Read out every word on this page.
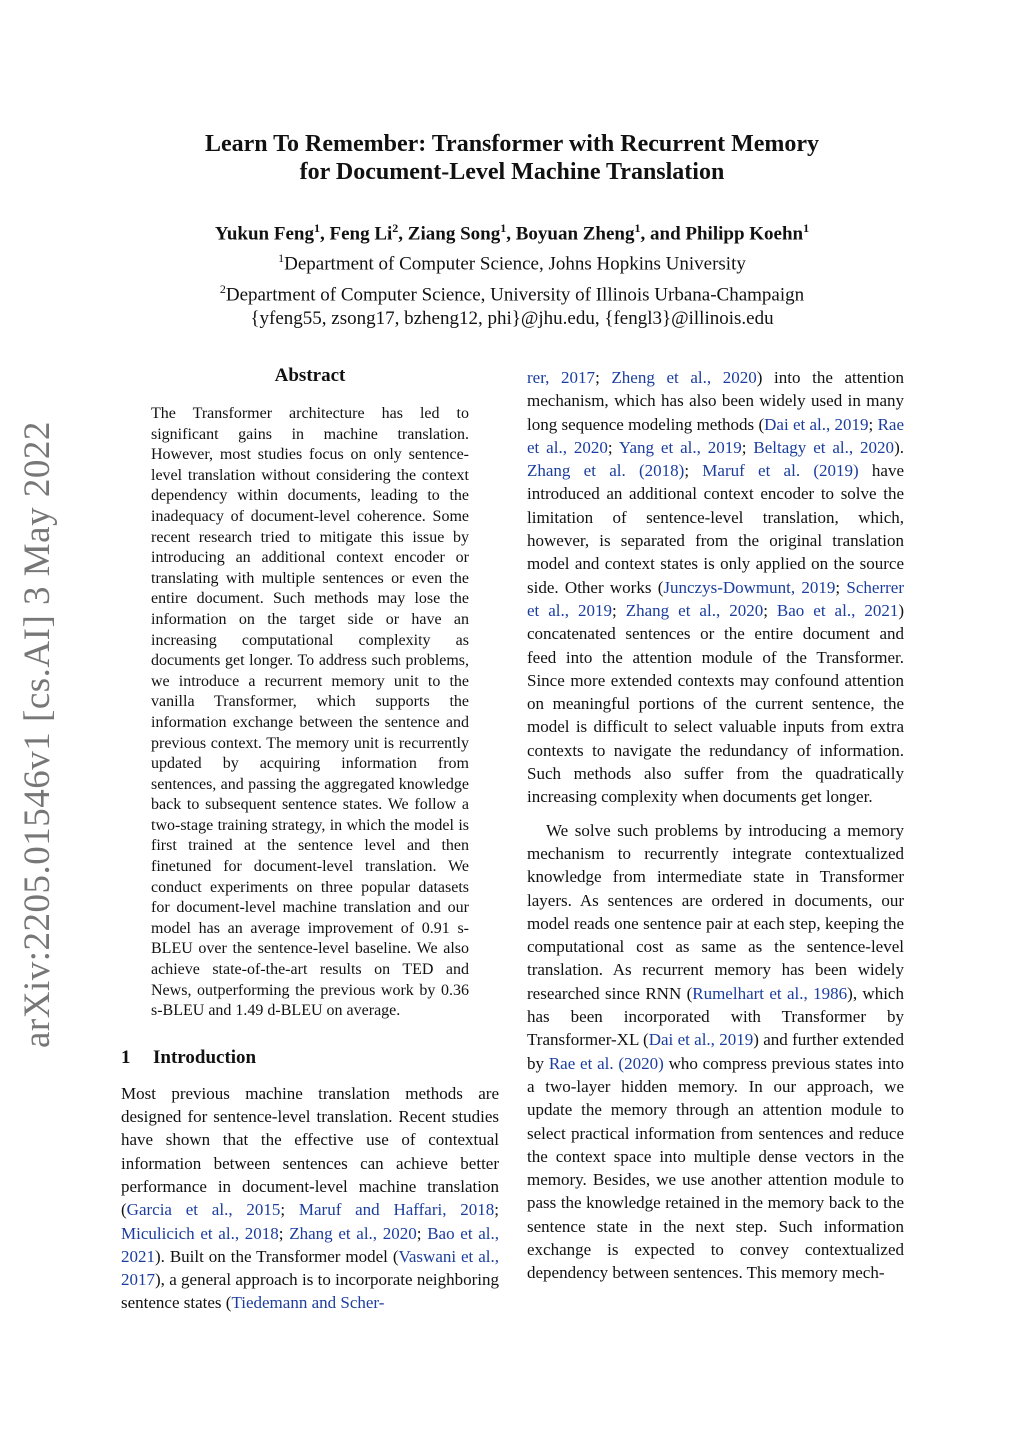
arXiv:2205.01546v1 [cs.AI] 3 May 2022
Learn To Remember: Transformer with Recurrent Memory
for Document-Level Machine Translation
Yukun Feng$^1$, Feng Li$^2$, Ziang Song$^1$, Boyuan Zheng$^1$, and Philipp Koehn$^1$
$^1$Department of Computer Science, Johns Hopkins University
$^2$Department of Computer Science, University of Illinois Urbana-Champaign
{yfeng55, zsong17, bzheng12, phi}@jhu.edu, {fengl3}@illinois.edu
Abstract

The Transformer architecture has led to significant gains in machine translation. However, most studies focus on only sentence-level translation without considering the context dependency within documents, leading to the inadequacy of document-level coherence. Some recent research tried to mitigate this issue by introducing an additional context encoder or translating with multiple sentences or even the entire document. Such methods may lose the information on the target side or have an increasing computational complexity as documents get longer. To address such problems, we introduce a recurrent memory unit to the vanilla Transformer, which supports the information exchange between the sentence and previous context. The memory unit is recurrently updated by acquiring information from sentences, and passing the aggregated knowledge back to subsequent sentence states. We follow a two-stage training strategy, in which the model is first trained at the sentence level and then finetuned for document-level translation. We conduct experiments on three popular datasets for document-level machine translation and our model has an average improvement of 0.91 s-BLEU over the sentence-level baseline. We also achieve state-of-the-art results on TED and News, outperforming the previous work by 0.36 s-BLEU and 1.49 d-BLEU on average.

1 Introduction

Most previous machine translation methods are designed for sentence-level translation. Recent studies have shown that the effective use of contextual information between sentences can achieve better performance in document-level machine translation (Garcia et al., 2015; Maruf and Haffari, 2018; Miculicich et al., 2018; Zhang et al., 2020; Bao et al., 2021). Built on the Transformer model (Vaswani et al., 2017), a general approach is to incorporate neighboring sentence states (Tiedemann and Scher-

rer, 2017; Zheng et al., 2020) into the attention mechanism, which has also been widely used in many long sequence modeling methods (Dai et al., 2019; Rae et al., 2020; Yang et al., 2019; Beltagy et al., 2020). Zhang et al. (2018); Maruf et al. (2019) have introduced an additional context encoder to solve the limitation of sentence-level translation, which, however, is separated from the original translation model and context states is only applied on the source side. Other works (Junczys-Dowmunt, 2019; Scherrer et al., 2019; Zhang et al., 2020; Bao et al., 2021) concatenated sentences or the entire document and feed into the attention module of the Transformer. Since more extended contexts may confound attention on meaningful portions of the current sentence, the model is difficult to select valuable inputs from extra contexts to navigate the redundancy of information. Such methods also suffer from the quadratically increasing complexity when documents get longer.

We solve such problems by introducing a memory mechanism to recurrently integrate contextualized knowledge from intermediate state in Transformer layers. As sentences are ordered in documents, our model reads one sentence pair at each step, keeping the computational cost as same as the sentence-level translation. As recurrent memory has been widely researched since RNN (Rumelhart et al., 1986), which has been incorporated with Transformer by Transformer-XL (Dai et al., 2019) and further extended by Rae et al. (2020) who compress previous states into a two-layer hidden memory. In our approach, we update the memory through an attention module to select practical information from sentences and reduce the context space into multiple dense vectors in the memory. Besides, we use another attention module to pass the knowledge retained in the memory back to the sentence state in the next step. Such information exchange is expected to convey contextualized dependency between sentences. This memory mech-
